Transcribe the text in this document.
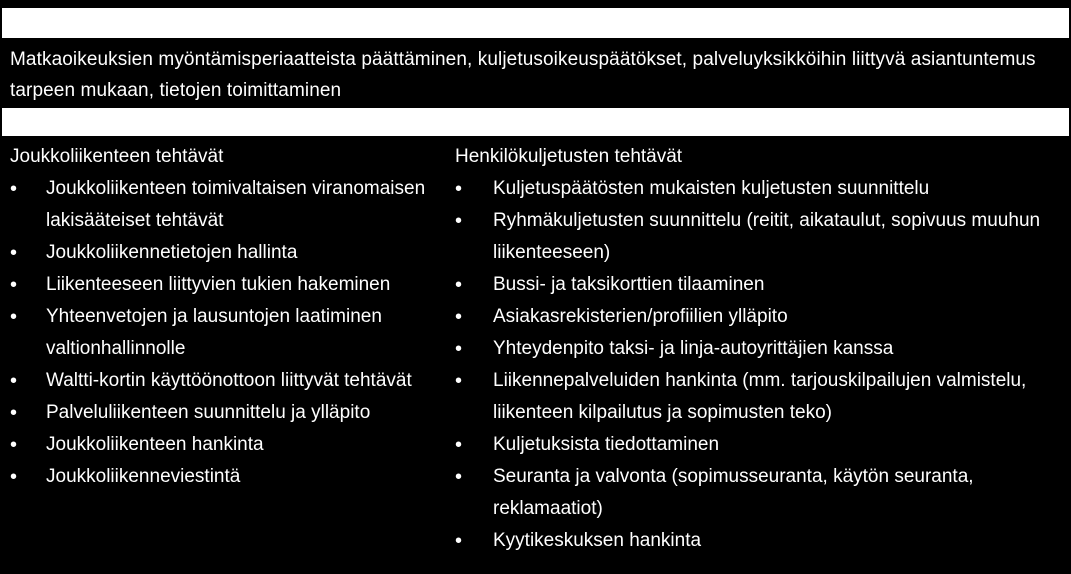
Matkaoikeuksien myöntämisperiaatteista päättäminen, kuljetusoikeuspäätökset, palveluyksikköihin liittyvä asiantuntemus tarpeen mukaan, tietojen toimittaminen
Joukkoliikenteen tehtävät
•	Joukkoliikenteen toimivaltaisen viranomaisen lakisääteiset tehtävät
•	Joukkoliikennetietojen hallinta
•	Liikenteeseen liittyvien tukien hakeminen
•	Yhteenvetojen ja lausuntojen laatiminen valtionhallinnolle
•	Waltti-kortin käyttöönottoon liittyvät tehtävät
•	Palveluliikenteen suunnittelu ja ylläpito
•	Joukkoliikenteen hankinta
•	Joukkoliikenneviestintä
Henkilökuljetusten tehtävät
•	Kuljetuspäätösten mukaisten kuljetusten suunnittelu
•	Ryhmäkuljetusten suunnittelu (reitit, aikataulut, sopivuus muuhun liikenteeseen)
•	Bussi- ja taksikorttien tilaaminen
•	Asiakasrekisterien/profiilien ylläpito
•	Yhteydenpito taksi- ja linja-autoyrittäjien kanssa
•	Liikennepalveluiden hankinta (mm. tarjouskilpailujen valmistelu, liikenteen kilpailutus ja sopimusten teko)
•	Kuljetuksista tiedottaminen
•	Seuranta ja valvonta (sopimusseuranta, käytön seuranta, reklamaatiot)
•	Kyytikeskuksen hankinta
